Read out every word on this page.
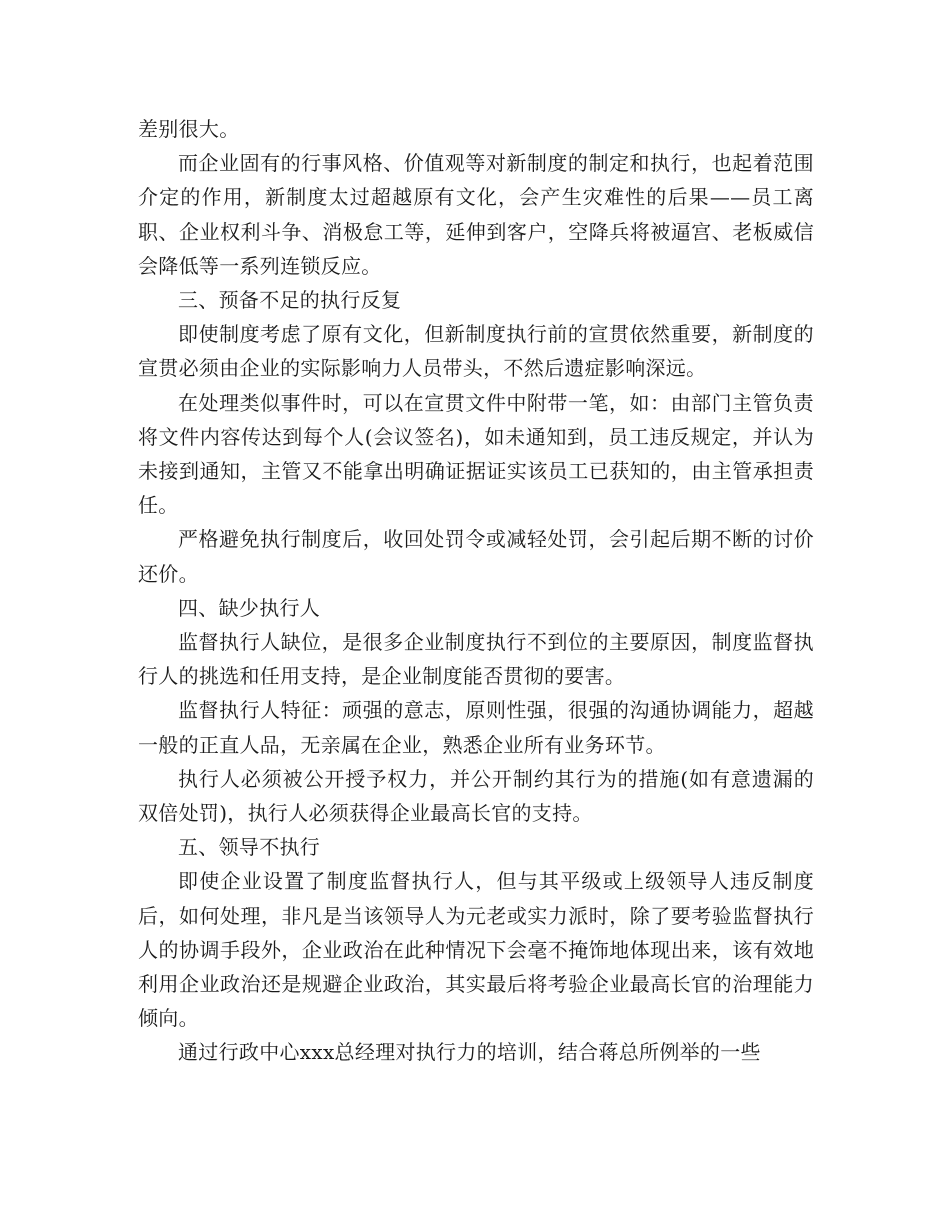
差别很大。

而企业固有的行事风格、价值观等对新制度的制定和执行，也起着范围介定的作用，新制度太过超越原有文化，会产生灾难性的后果——员工离职、企业权利斗争、消极怠工等，延伸到客户，空降兵将被逼宫、老板威信会降低等一系列连锁反应。

三、预备不足的执行反复

即使制度考虑了原有文化，但新制度执行前的宣贯依然重要，新制度的宣贯必须由企业的实际影响力人员带头，不然后遗症影响深远。

在处理类似事件时，可以在宣贯文件中附带一笔，如：由部门主管负责将文件内容传达到每个人(会议签名)，如未通知到，员工违反规定，并认为未接到通知，主管又不能拿出明确证据证实该员工已获知的，由主管承担责任。

严格避免执行制度后，收回处罚令或减轻处罚，会引起后期不断的讨价还价。

四、缺少执行人

监督执行人缺位，是很多企业制度执行不到位的主要原因，制度监督执行人的挑选和任用支持，是企业制度能否贯彻的要害。

监督执行人特征：顽强的意志，原则性强，很强的沟通协调能力，超越一般的正直人品，无亲属在企业，熟悉企业所有业务环节。

执行人必须被公开授予权力，并公开制约其行为的措施(如有意遗漏的双倍处罚)，执行人必须获得企业最高长官的支持。

五、领导不执行

即使企业设置了制度监督执行人，但与其平级或上级领导人违反制度后，如何处理，非凡是当该领导人为元老或实力派时，除了要考验监督执行人的协调手段外，企业政治在此种情况下会毫不掩饰地体现出来，该有效地利用企业政治还是规避企业政治，其实最后将考验企业最高长官的治理能力倾向。

通过行政中心xxx总经理对执行力的培训，结合蒋总所例举的一些
